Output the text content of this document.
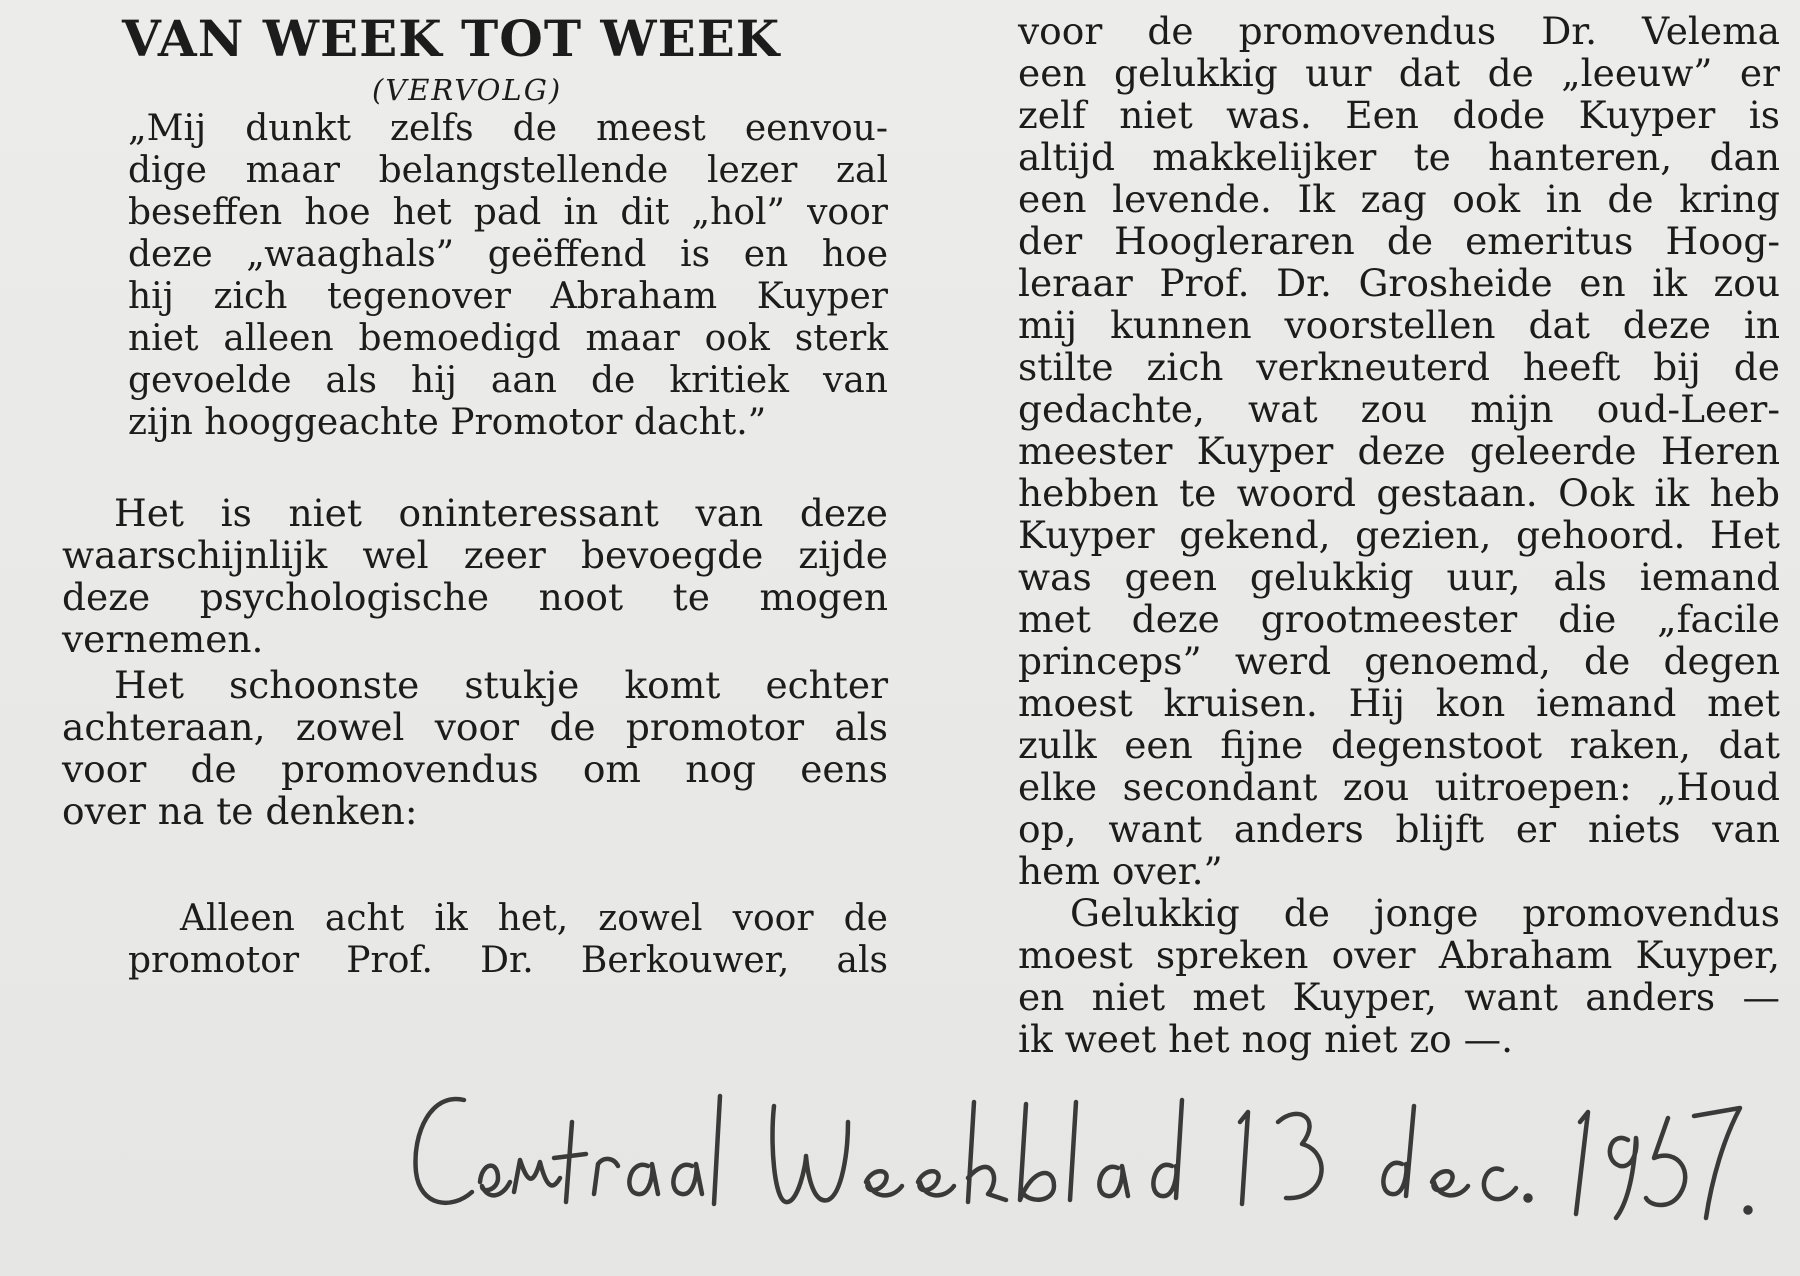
VAN WEEK TOT WEEK
(VERVOLG)
„Mij dunkt zelfs de meest eenvou-
dige maar belangstellende lezer zal
beseffen hoe het pad in dit „hol” voor
deze „waaghals” geëffend is en hoe
hij zich tegenover Abraham Kuyper
niet alleen bemoedigd maar ook sterk
gevoelde als hij aan de kritiek van
zijn hooggeachte Promotor dacht.”
Het is niet oninteressant van deze
waarschijnlijk wel zeer bevoegde zijde
deze psychologische noot te mogen
vernemen.
Het schoonste stukje komt echter
achteraan, zowel voor de promotor als
voor de promovendus om nog eens
over na te denken:
Alleen acht ik het, zowel voor de
promotor Prof. Dr. Berkouwer, als
voor de promovendus Dr. Velema
een gelukkig uur dat de „leeuw” er
zelf niet was. Een dode Kuyper is
altijd makkelijker te hanteren, dan
een levende. Ik zag ook in de kring
der Hoogleraren de emeritus Hoog-
leraar Prof. Dr. Grosheide en ik zou
mij kunnen voorstellen dat deze in
stilte zich verkneuterd heeft bij de
gedachte, wat zou mijn oud-Leer-
meester Kuyper deze geleerde Heren
hebben te woord gestaan. Ook ik heb
Kuyper gekend, gezien, gehoord. Het
was geen gelukkig uur, als iemand
met deze grootmeester die „facile
princeps” werd genoemd, de degen
moest kruisen. Hij kon iemand met
zulk een fijne degenstoot raken, dat
elke secondant zou uitroepen: „Houd
op, want anders blijft er niets van
hem over.”
Gelukkig de jonge promovendus
moest spreken over Abraham Kuyper,
en niet met Kuyper, want anders —
ik weet het nog niet zo —.
